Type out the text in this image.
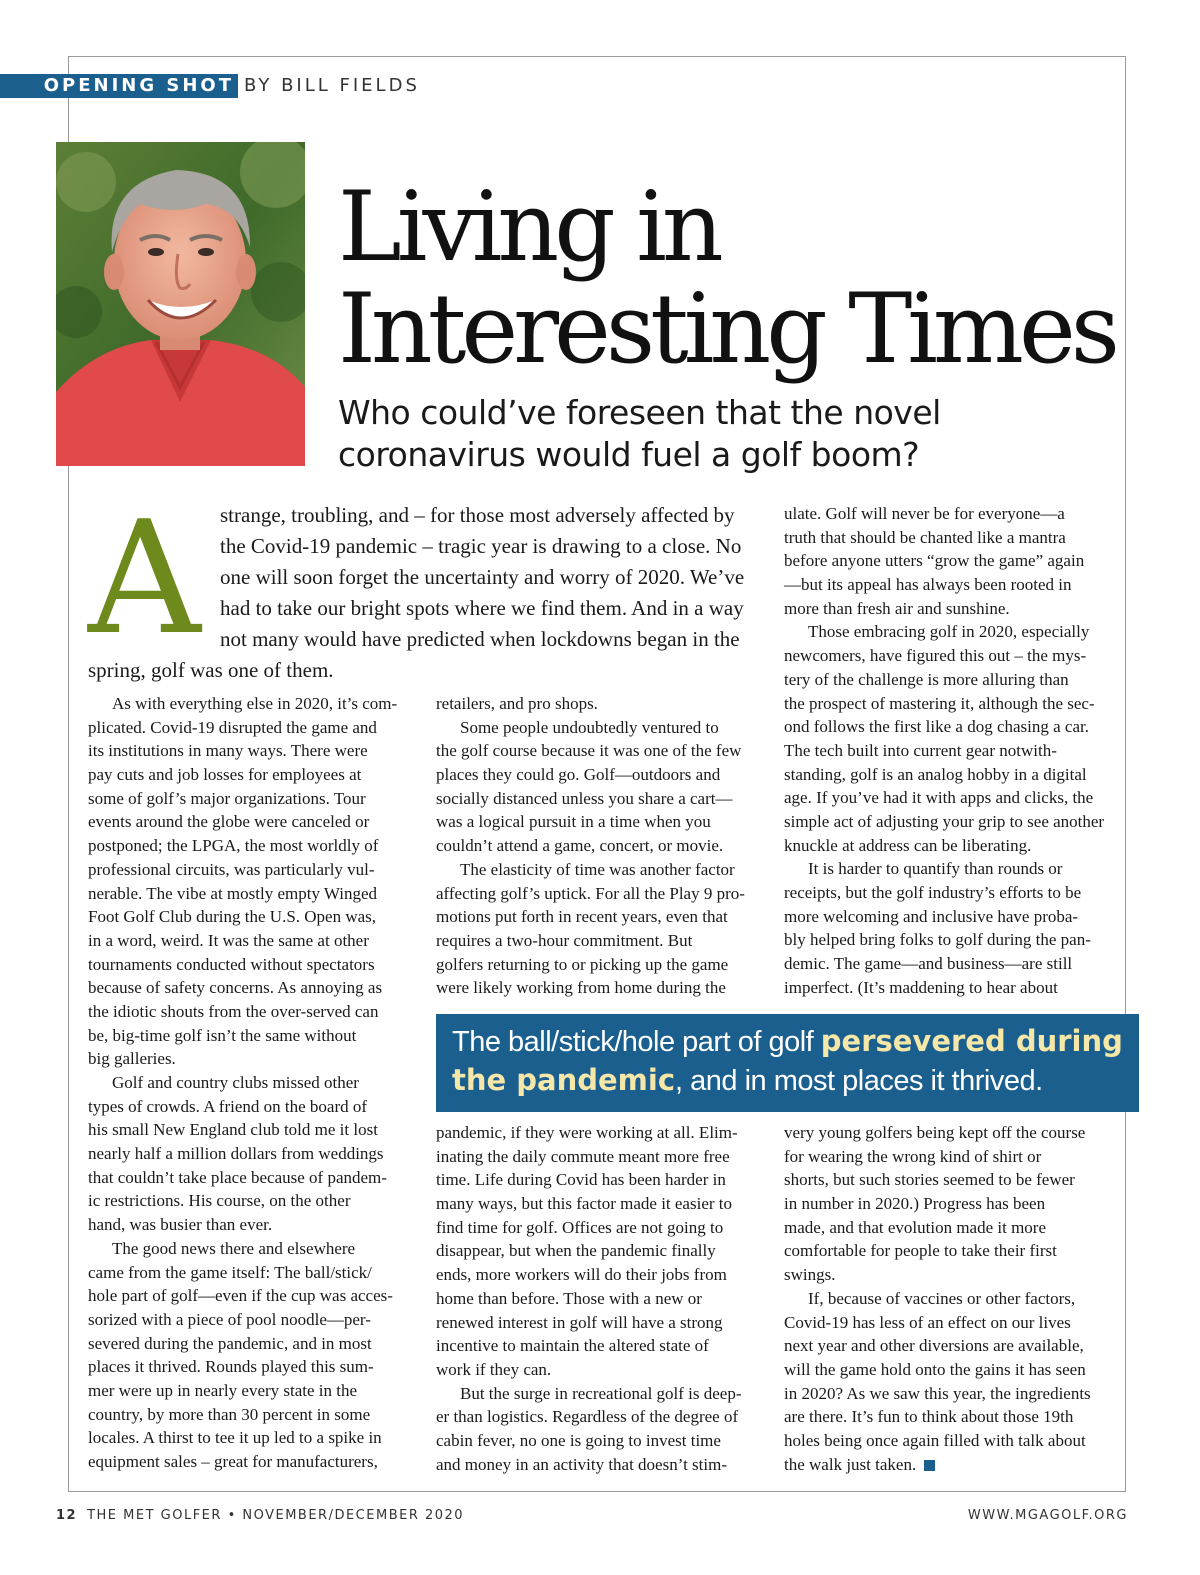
OPENING SHOT BY BILL FIELDS
Living in
Interesting Times
Who could’ve foreseen that the novel
coronavirus would fuel a golf boom?
A strange, troubling, and – for those most adversely affected by
the Covid-19 pandemic – tragic year is drawing to a close. No
one will soon forget the uncertainty and worry of 2020. We’ve
had to take our bright spots where we find them. And in a way
not many would have predicted when lockdowns began in the
spring, golf was one of them.
As with everything else in 2020, it’s com-
plicated. Covid-19 disrupted the game and
its institutions in many ways. There were
pay cuts and job losses for employees at
some of golf’s major organizations. Tour
events around the globe were canceled or
postponed; the LPGA, the most worldly of
professional circuits, was particularly vul-
nerable. The vibe at mostly empty Winged
Foot Golf Club during the U.S. Open was,
in a word, weird. It was the same at other
tournaments conducted without spectators
because of safety concerns. As annoying as
the idiotic shouts from the over-served can
be, big-time golf isn’t the same without
big galleries.
Golf and country clubs missed other
types of crowds. A friend on the board of
his small New England club told me it lost
nearly half a million dollars from weddings
that couldn’t take place because of pandem-
ic restrictions. His course, on the other
hand, was busier than ever.
The good news there and elsewhere
came from the game itself: The ball/stick/
hole part of golf—even if the cup was acces-
sorized with a piece of pool noodle—per-
severed during the pandemic, and in most
places it thrived. Rounds played this sum-
mer were up in nearly every state in the
country, by more than 30 percent in some
locales. A thirst to tee it up led to a spike in
equipment sales – great for manufacturers,
retailers, and pro shops.
Some people undoubtedly ventured to
the golf course because it was one of the few
places they could go. Golf—outdoors and
socially distanced unless you share a cart—
was a logical pursuit in a time when you
couldn’t attend a game, concert, or movie.
The elasticity of time was another factor
affecting golf’s uptick. For all the Play 9 pro-
motions put forth in recent years, even that
requires a two-hour commitment. But
golfers returning to or picking up the game
were likely working from home during the
ulate. Golf will never be for everyone—a
truth that should be chanted like a mantra
before anyone utters “grow the game” again
—but its appeal has always been rooted in
more than fresh air and sunshine.
Those embracing golf in 2020, especially
newcomers, have figured this out – the mys-
tery of the challenge is more alluring than
the prospect of mastering it, although the sec-
ond follows the first like a dog chasing a car.
The tech built into current gear notwith-
standing, golf is an analog hobby in a digital
age. If you’ve had it with apps and clicks, the
simple act of adjusting your grip to see another
knuckle at address can be liberating.
It is harder to quantify than rounds or
receipts, but the golf industry’s efforts to be
more welcoming and inclusive have proba-
bly helped bring folks to golf during the pan-
demic. The game—and business—are still
imperfect. (It’s maddening to hear about
The ball/stick/hole part of golf persevered during
the pandemic, and in most places it thrived.
pandemic, if they were working at all. Elim-
inating the daily commute meant more free
time. Life during Covid has been harder in
many ways, but this factor made it easier to
find time for golf. Offices are not going to
disappear, but when the pandemic finally
ends, more workers will do their jobs from
home than before. Those with a new or
renewed interest in golf will have a strong
incentive to maintain the altered state of
work if they can.
But the surge in recreational golf is deep-
er than logistics. Regardless of the degree of
cabin fever, no one is going to invest time
and money in an activity that doesn’t stim-
very young golfers being kept off the course
for wearing the wrong kind of shirt or
shorts, but such stories seemed to be fewer
in number in 2020.) Progress has been
made, and that evolution made it more
comfortable for people to take their first
swings.
If, because of vaccines or other factors,
Covid-19 has less of an effect on our lives
next year and other diversions are available,
will the game hold onto the gains it has seen
in 2020? As we saw this year, the ingredients
are there. It’s fun to think about those 19th
holes being once again filled with talk about
the walk just taken.
12 THE MET GOLFER • NOVEMBER/DECEMBER 2020	WWW.MGAGOLF.ORG
